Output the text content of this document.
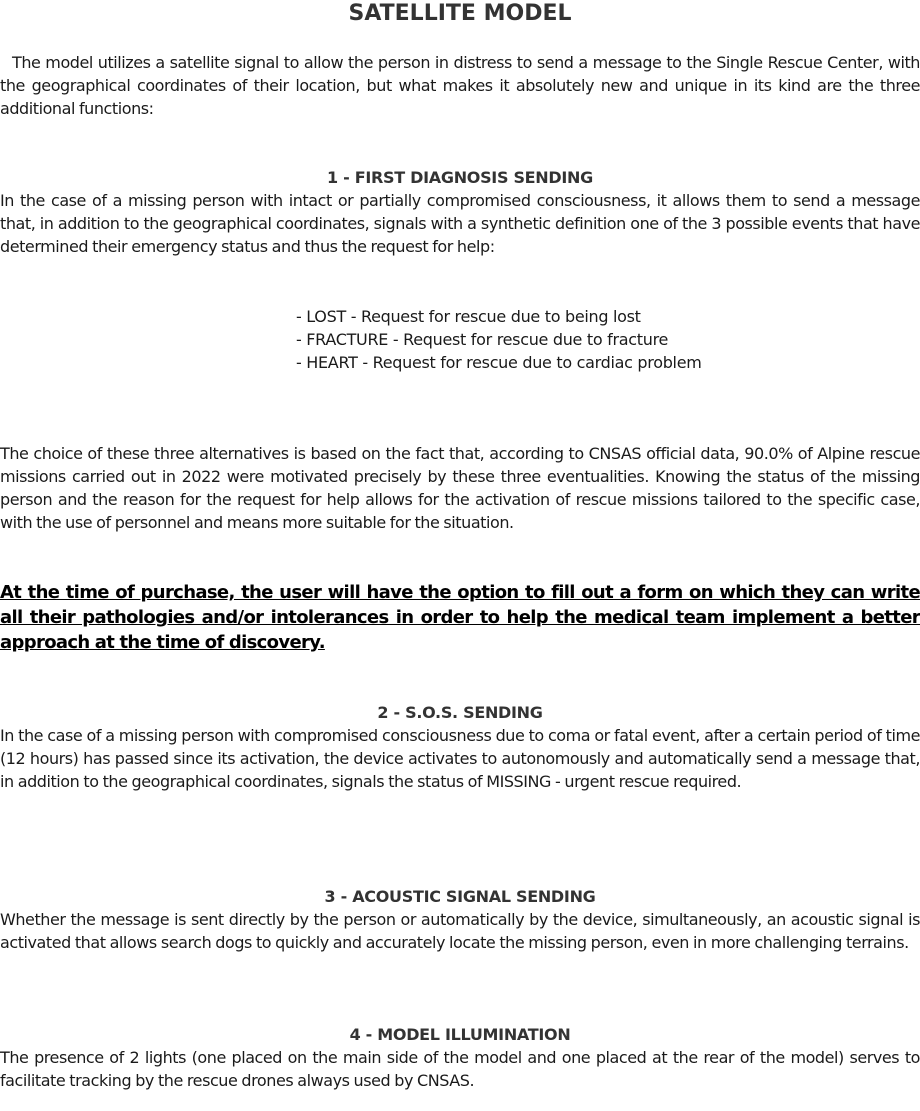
SATELLITE MODEL

The model utilizes a satellite signal to allow the person in distress to send a message to the Single Rescue Center, with the geographical coordinates of their location, but what makes it absolutely new and unique in its kind are the three additional functions:

1 - FIRST DIAGNOSIS SENDING

In the case of a missing person with intact or partially compromised consciousness, it allows them to send a message that, in addition to the geographical coordinates, signals with a synthetic definition one of the 3 possible events that have determined their emergency status and thus the request for help:

- LOST - Request for rescue due to being lost
- FRACTURE - Request for rescue due to fracture
- HEART - Request for rescue due to cardiac problem

The choice of these three alternatives is based on the fact that, according to CNSAS official data, 90.0% of Alpine rescue missions carried out in 2022 were motivated precisely by these three eventualities. Knowing the status of the missing person and the reason for the request for help allows for the activation of rescue missions tailored to the specific case, with the use of personnel and means more suitable for the situation.

At the time of purchase, the user will have the option to fill out a form on which they can write all their pathologies and/or intolerances in order to help the medical team implement a better approach at the time of discovery.

2 - S.O.S. SENDING

In the case of a missing person with compromised consciousness due to coma or fatal event, after a certain period of time (12 hours) has passed since its activation, the device activates to autonomously and automatically send a message that, in addition to the geographical coordinates, signals the status of MISSING - urgent rescue required.

3 - ACOUSTIC SIGNAL SENDING

Whether the message is sent directly by the person or automatically by the device, simultaneously, an acoustic signal is activated that allows search dogs to quickly and accurately locate the missing person, even in more challenging terrains.

4 - MODEL ILLUMINATION

The presence of 2 lights (one placed on the main side of the model and one placed at the rear of the model) serves to facilitate tracking by the rescue drones always used by CNSAS.
